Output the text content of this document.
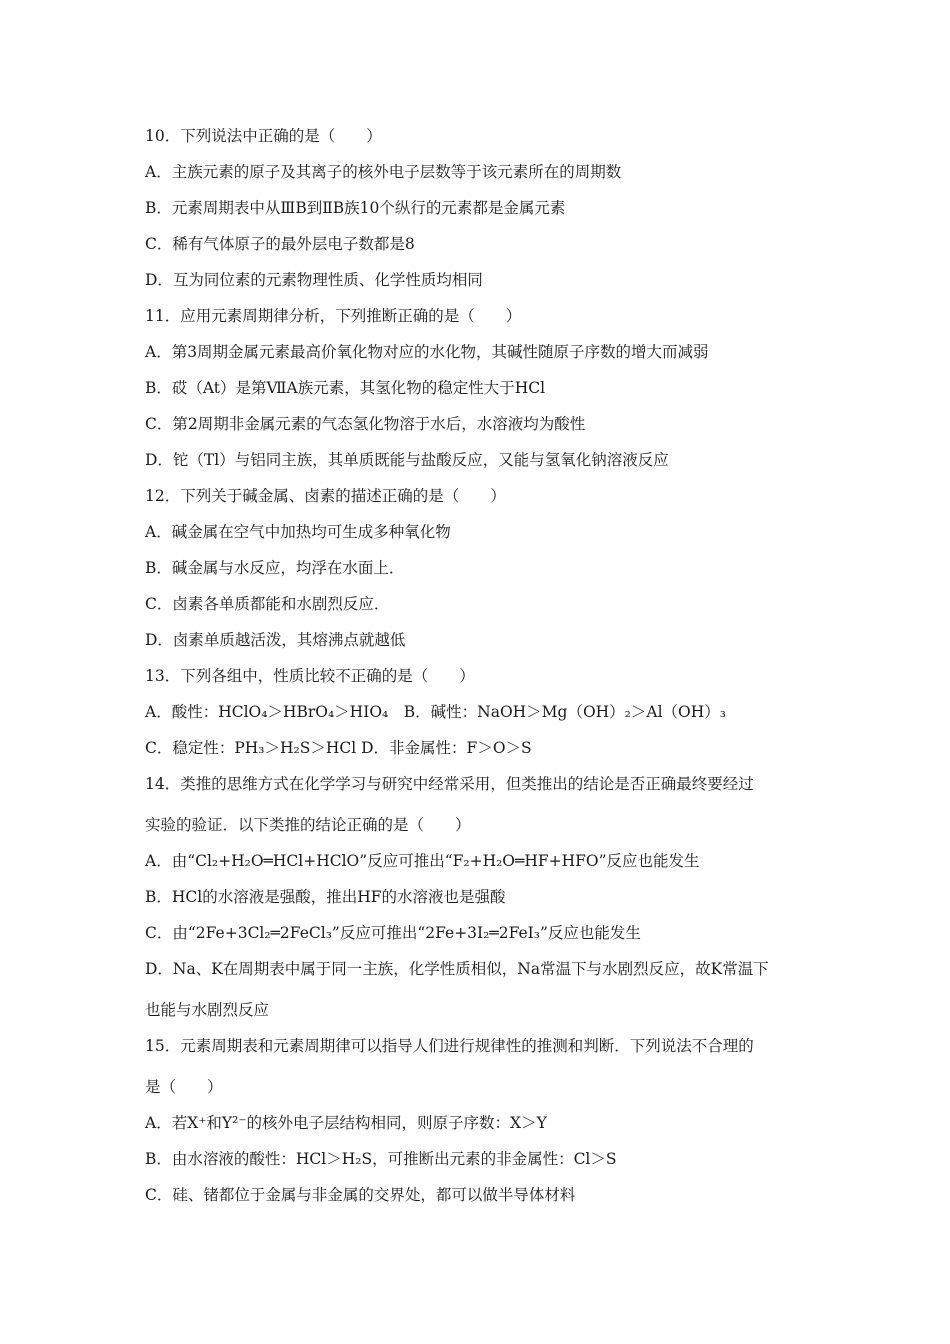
10．下列说法中正确的是（　　）
A．主族元素的原子及其离子的核外电子层数等于该元素所在的周期数
B．元素周期表中从ⅢB到ⅡB族10个纵行的元素都是金属元素
C．稀有气体原子的最外层电子数都是8
D．互为同位素的元素物理性质、化学性质均相同
11．应用元素周期律分析，下列推断正确的是（　　）
A．第3周期金属元素最高价氧化物对应的水化物，其碱性随原子序数的增大而减弱
B．砹（At）是第ⅦA族元素，其氢化物的稳定性大于HCl
C．第2周期非金属元素的气态氢化物溶于水后，水溶液均为酸性
D．铊（Tl）与铝同主族，其单质既能与盐酸反应，又能与氢氧化钠溶液反应
12．下列关于碱金属、卤素的描述正确的是（　　）
A．碱金属在空气中加热均可生成多种氧化物
B．碱金属与水反应，均浮在水面上．
C．卤素各单质都能和水剧烈反应．
D．卤素单质越活泼，其熔沸点就越低
13．下列各组中，性质比较不正确的是（　　）
A．酸性：HClO₄＞HBrO₄＞HIO₄　B．碱性：NaOH＞Mg（OH）₂＞Al（OH）₃
C．稳定性：PH₃＞H₂S＞HCl D．非金属性：F＞O＞S
14．类推的思维方式在化学学习与研究中经常采用，但类推出的结论是否正确最终要经过
实验的验证．以下类推的结论正确的是（　　）
A．由“Cl₂+H₂O═HCl+HClO”反应可推出“F₂+H₂O═HF+HFO”反应也能发生
B．HCl的水溶液是强酸，推出HF的水溶液也是强酸
C．由“2Fe+3Cl₂═2FeCl₃”反应可推出“2Fe+3I₂═2FeI₃”反应也能发生
D．Na、K在周期表中属于同一主族，化学性质相似，Na常温下与水剧烈反应，故K常温下
也能与水剧烈反应
15．元素周期表和元素周期律可以指导人们进行规律性的推测和判断．下列说法不合理的
是（　　）
A．若X⁺和Y²⁻的核外电子层结构相同，则原子序数：X＞Y
B．由水溶液的酸性：HCl＞H₂S，可推断出元素的非金属性：Cl＞S
C．硅、锗都位于金属与非金属的交界处，都可以做半导体材料
